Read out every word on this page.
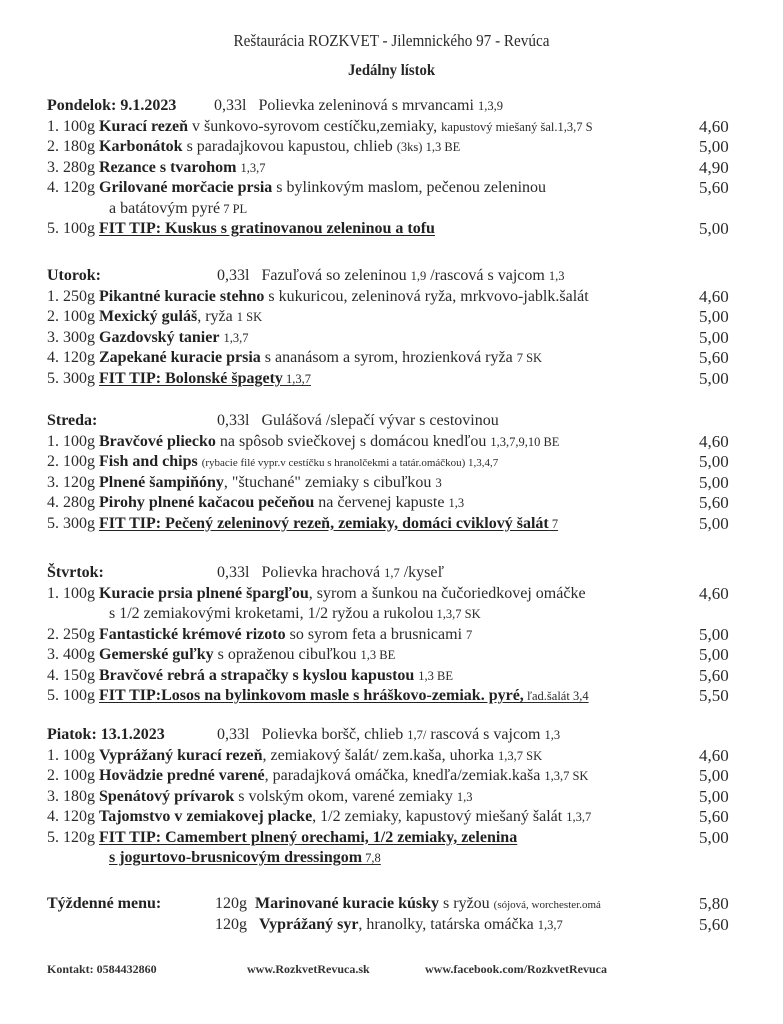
Reštaurácia ROZKVET - Jilemnického 97 - Revúca
Jedálny lístok
Pondelok: 9.1.2023 0,33l Polievka zeleninová s mrvancami 1,3,9
1. 100g Kurací rezeň v šunkovo-syrovom cestíčku,zemiaky, kapustový miešaný šal.1,3,7 S	4,60
2. 180g Karbonátok s paradajkovou kapustou, chlieb (3ks) 1,3 BE	5,00
3. 280g Rezance s tvarohom 1,3,7	4,90
4. 120g Grilované morčacie prsia s bylinkovým maslom, pečenou zeleninou	5,60
a batátovým pyré 7 PL
5. 100g FIT TIP: Kuskus s gratinovanou zeleninou a tofu	5,00
Utorok:	0,33l Fazuľová so zeleninou 1,9 /rascová s vajcom 1,3
1. 250g Pikantné kuracie stehno s kukuricou, zeleninová ryža, mrkvovo-jablk.šalát	4,60
2. 100g Mexický guláš, ryža 1 SK	5,00
3. 300g Gazdovský tanier 1,3,7	5,00
4. 120g Zapekané kuracie prsia s ananásom a syrom, hrozienková ryža 7 SK	5,60
5. 300g FIT TIP: Bolonské špagety 1,3,7	5,00
Streda:	0,33l Gulášová /slepačí vývar s cestovinou
1. 100g Bravčové pliecko na spôsob sviečkovej s domácou knedľou 1,3,7,9,10 BE	4,60
2. 100g Fish and chips (rybacie filé vypr.v cestíčku s hranolčekmi a tatár.omáčkou) 1,3,4,7	5,00
3. 120g Plnené šampiňóny, "štuchané" zemiaky s cibuľkou 3	5,00
4. 280g Pirohy plnené kačacou pečeňou na červenej kapuste 1,3	5,60
5. 300g FIT TIP: Pečený zeleninový rezeň, zemiaky, domáci cviklový šalát 7	5,00
Štvrtok:	0,33l Polievka hrachová 1,7 /kyseľ
1. 100g Kuracie prsia plnené špargľou, syrom a šunkou na čučoriedkovej omáčke	4,60
s 1/2 zemiakovými kroketami, 1/2 ryžou a rukolou 1,3,7 SK
2. 250g Fantastické krémové rizoto so syrom feta a brusnicami 7	5,00
3. 400g Gemerské guľky s opraženou cibuľkou 1,3 BE	5,00
4. 150g Bravčové rebrá a strapačky s kyslou kapustou 1,3 BE	5,60
5. 100g FIT TIP:Losos na bylinkovom masle s hráškovo-zemiak. pyré, ľad.šalát 3,4	5,50
Piatok: 13.1.2023	0,33l Polievka boršč, chlieb 1,7/ rascová s vajcom 1,3
1. 100g Vyprážaný kurací rezeň, zemiakový šalát/ zem.kaša, uhorka 1,3,7 SK	4,60
2. 100g Hovädzie predné varené, paradajková omáčka, knedľa/zemiak.kaša 1,3,7 SK	5,00
3. 180g Spenátový prívarok s volským okom, varené zemiaky 1,3	5,00
4. 120g Tajomstvo v zemiakovej placke, 1/2 zemiaky, kapustový miešaný šalát 1,3,7	5,60
5. 120g FIT TIP: Camembert plnený orechami, 1/2 zemiaky, zelenina	5,00
s jogurtovo-brusnicovým dressingom 7,8
Týždenné menu:	120g Marinované kuracie kúsky s ryžou (sójová, worchester.omá	5,80
120g Vyprážaný syr, hranolky, tatárska omáčka 1,3,7	5,60
Kontakt: 0584432860	www.RozkvetRevuca.sk	www.facebook.com/RozkvetRevuca
